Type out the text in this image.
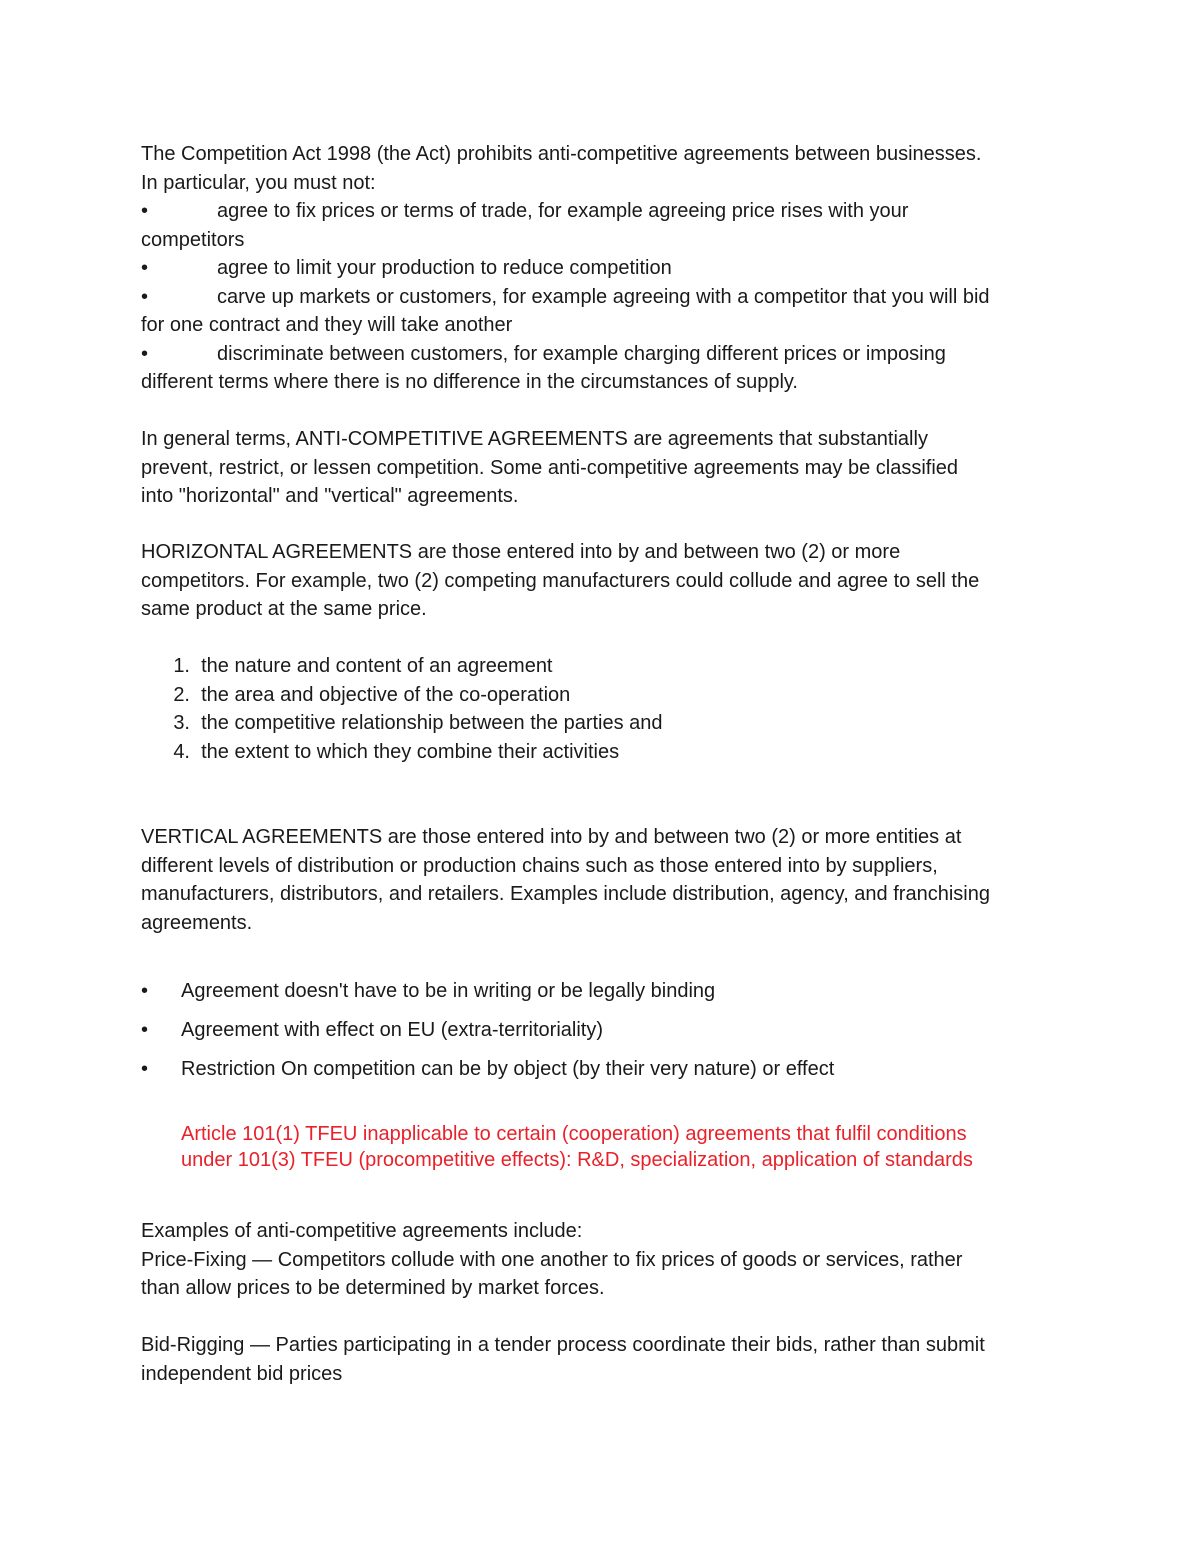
The Competition Act 1998 (the Act) prohibits anti-competitive agreements between businesses.
In particular, you must not:
•	agree to fix prices or terms of trade, for example agreeing price rises with your
competitors
•	agree to limit your production to reduce competition
•	carve up markets or customers, for example agreeing with a competitor that you will bid
for one contract and they will take another
•	discriminate between customers, for example charging different prices or imposing
different terms where there is no difference in the circumstances of supply.
In general terms, ANTI-COMPETITIVE AGREEMENTS are agreements that substantially
prevent, restrict, or lessen competition. Some anti-competitive agreements may be classified
into "horizontal" and "vertical" agreements.
HORIZONTAL AGREEMENTS are those entered into by and between two (2) or more
competitors. For example, two (2) competing manufacturers could collude and agree to sell the
same product at the same price.
1. the nature and content of an agreement
2. the area and objective of the co-operation
3. the competitive relationship between the parties and
4. the extent to which they combine their activities
VERTICAL AGREEMENTS are those entered into by and between two (2) or more entities at
different levels of distribution or production chains such as those entered into by suppliers,
manufacturers, distributors, and retailers. Examples include distribution, agency, and franchising
agreements.
• Agreement doesn't have to be in writing or be legally binding
• Agreement with effect on EU (extra-territoriality)
• Restriction On competition can be by object (by their very nature) or effect
Article 101(1) TFEU inapplicable to certain (cooperation) agreements that fulfil conditions
under 101(3) TFEU (procompetitive effects): R&D, specialization, application of standards
Examples of anti-competitive agreements include:
Price-Fixing — Competitors collude with one another to fix prices of goods or services, rather
than allow prices to be determined by market forces.
Bid-Rigging — Parties participating in a tender process coordinate their bids, rather than submit
independent bid prices
